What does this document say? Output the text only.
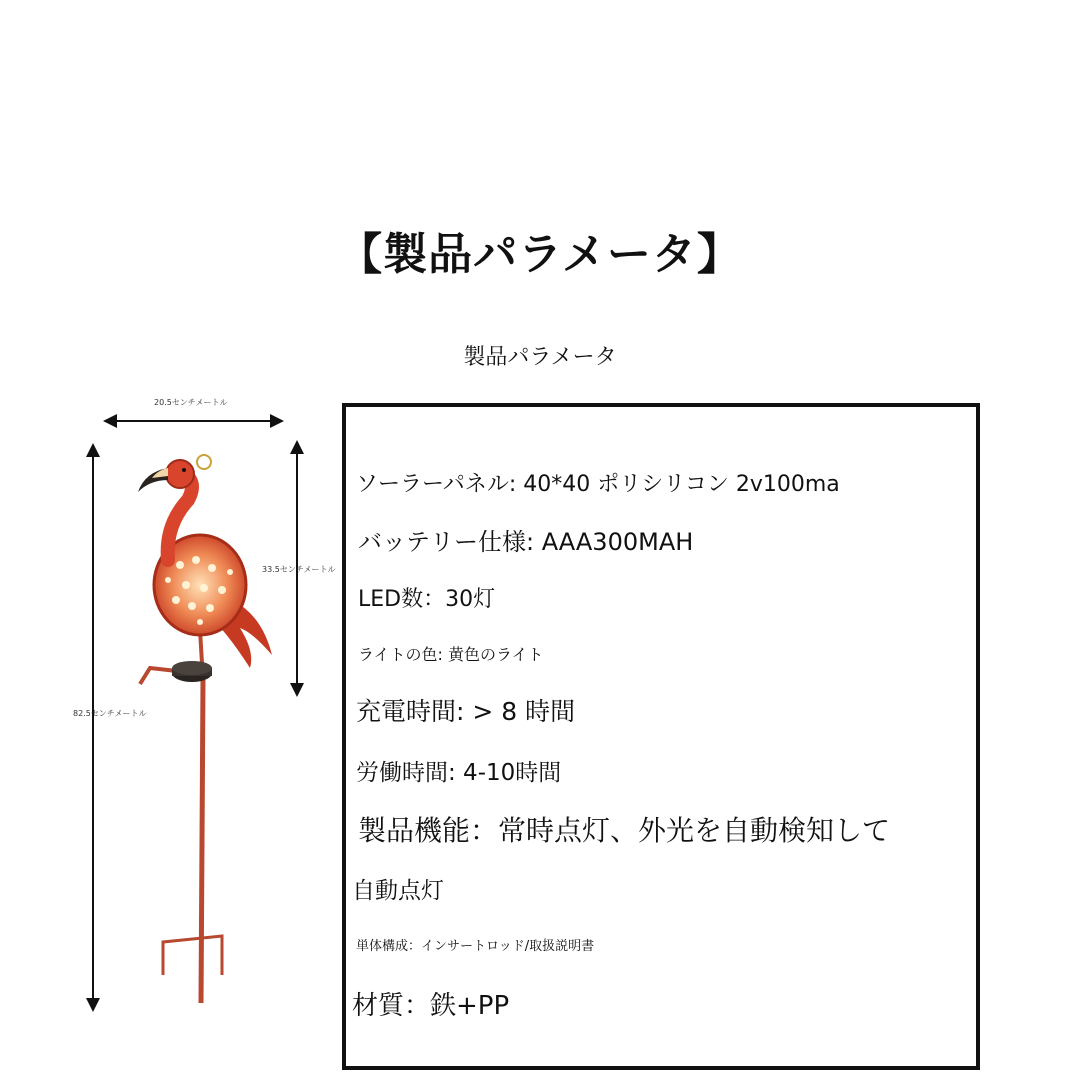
【製品パラメータ】
製品パラメータ
20.5センチメートル
33.5センチメートル
82.5センチメートル
ソーラーパネル: 40*40 ポリシリコン 2v100ma
バッテリー仕様: AAA300MAH
LED数：30灯
ライトの色: 黄色のライト
充電時間: > 8 時間
労働時間: 4-10時間
製品機能：常時点灯、外光を自動検知して
自動点灯
単体構成：インサートロッド/取扱説明書
材質：鉄+PP
